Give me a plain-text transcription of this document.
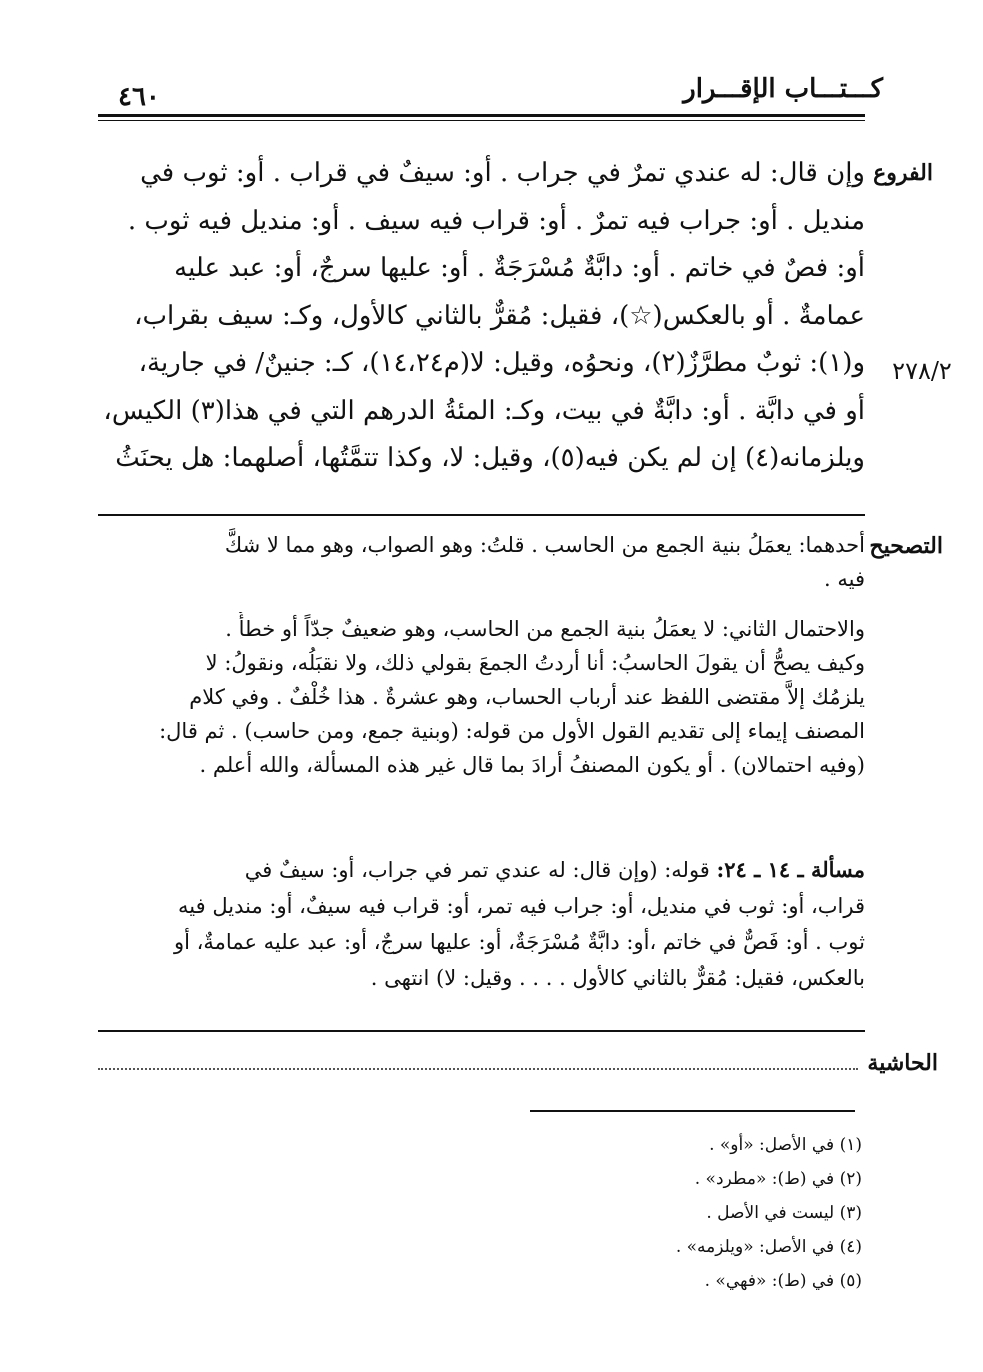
كـــتـــاب الإقـــرار
٤٦٠
الفروع
٢٧٨/٢
التصحيح
الحاشية
وإن قال: له عندي تمرٌ في جراب . أو: سيفٌ في قراب . أو: ثوب في
منديل . أو: جراب فيه تمرٌ . أو: قراب فيه سيف . أو: منديل فيه ثوب .
أو: فصٌ في خاتم . أو: دابَّةٌ مُسْرَجَةٌ . أو: عليها سرجٌ، أو: عبد عليه
عمامةٌ . أو بالعكس(☆)، فقيل: مُقرٌّ بالثاني كالأول، وكـ: سيف بقراب،
و(١): ثوبٌ مطرَّزٌ(٢)، ونحوُه، وقيل: لا(م١٤،٢٤)، كـ: جنينٌ/ في جارية،
أو في دابَّة . أو: دابَّةٌ في بيت، وكـ: المئةُ الدرهم التي في هذا(٣) الكيس،
ويلزمانه(٤) إن لم يكن فيه(٥)، وقيل: لا، وكذا تتمَّتُها، أصلهما: هل يحنَثُ
أحدهما: يعمَلُ بنية الجمع من الحاسب . قلتُ: وهو الصواب، وهو مما لا شكَّ
فيه .
والاحتمال الثاني: لا يعمَلُ بنية الجمع من الحاسب، وهو ضعيفٌ جدّاً أو خطأٌ .
وكيف يصحُّ أن يقولَ الحاسبُ: أنا أردتُ الجمعَ بقولي ذلك، ولا نقبَلُه، ونقولُ: لا
يلزمُك إلاَّ مقتضى اللفظ عند أرباب الحساب، وهو عشرةٌ . هذا خُلْفٌ . وفي كلام
المصنف إيماء إلى تقديم القول الأول من قوله: (وبنية جمع، ومن حاسب) . ثم قال:
(وفيه احتمالان) . أو يكون المصنفُ أرادَ بما قال غير هذه المسألة، والله أعلم .
مسألة ـ ١٤ ـ ٢٤: قوله: (وإن قال: له عندي تمر في جراب، أو: سيفٌ في
قراب، أو: ثوب في منديل، أو: جراب فيه تمر، أو: قراب فيه سيفٌ، أو: منديل فيه
ثوب . أو: فَصٌّ في خاتم ،أو: دابَّةٌ مُسْرَجَةٌ، أو: عليها سرجٌ، أو: عبد عليه عمامةٌ، أو
بالعكس، فقيل: مُقرٌّ بالثاني كالأول . . . . وقيل: لا) انتهى .
(١) في الأصل: «أو» .
(٢) في (ط): «مطرد» .
(٣) ليست في الأصل .
(٤) في الأصل: «ويلزمه» .
(٥) في (ط): «فهي» .
